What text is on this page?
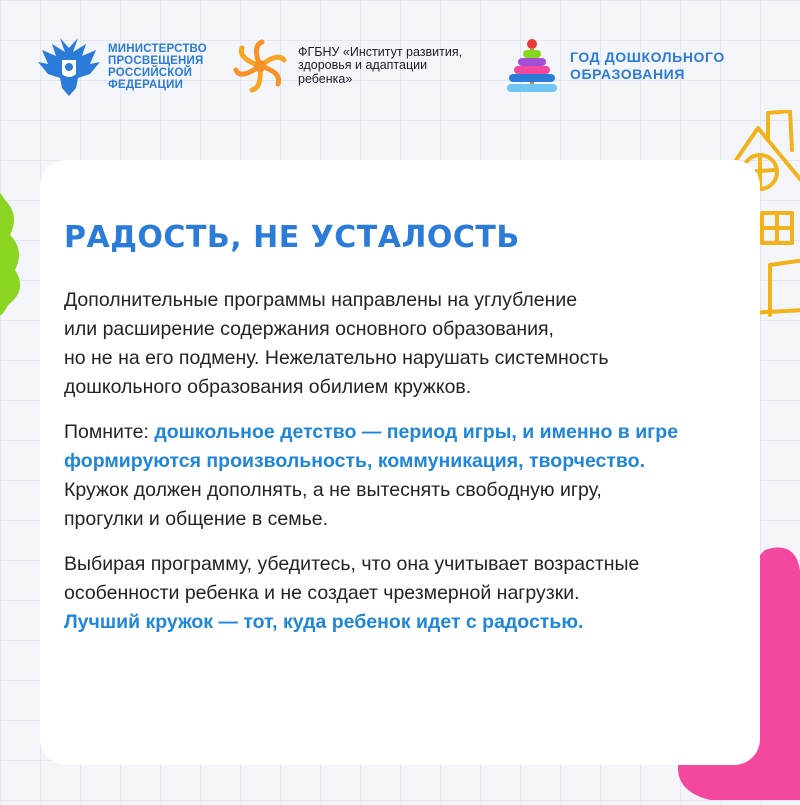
МИНИСТЕРСТВО
ПРОСВЕЩЕНИЯ
РОССИЙСКОЙ
ФЕДЕРАЦИИ
ФГБНУ «Институт развития,
здоровья и адаптации
ребенка»
ГОД ДОШКОЛЬНОГО
ОБРАЗОВАНИЯ
РАДОСТЬ, НЕ УСТАЛОСТЬ

Дополнительные программы направлены на углубление
или расширение содержания основного образования,
но не на его подмену. Нежелательно нарушать системность
дошкольного образования обилием кружков.

Помните: дошкольное детство — период игры, и именно в игре
формируются произвольность, коммуникация, творчество.
Кружок должен дополнять, а не вытеснять свободную игру,
прогулки и общение в семье.

Выбирая программу, убедитесь, что она учитывает возрастные
особенности ребенка и не создает чрезмерной нагрузки.
Лучший кружок — тот, куда ребенок идет с радостью.
